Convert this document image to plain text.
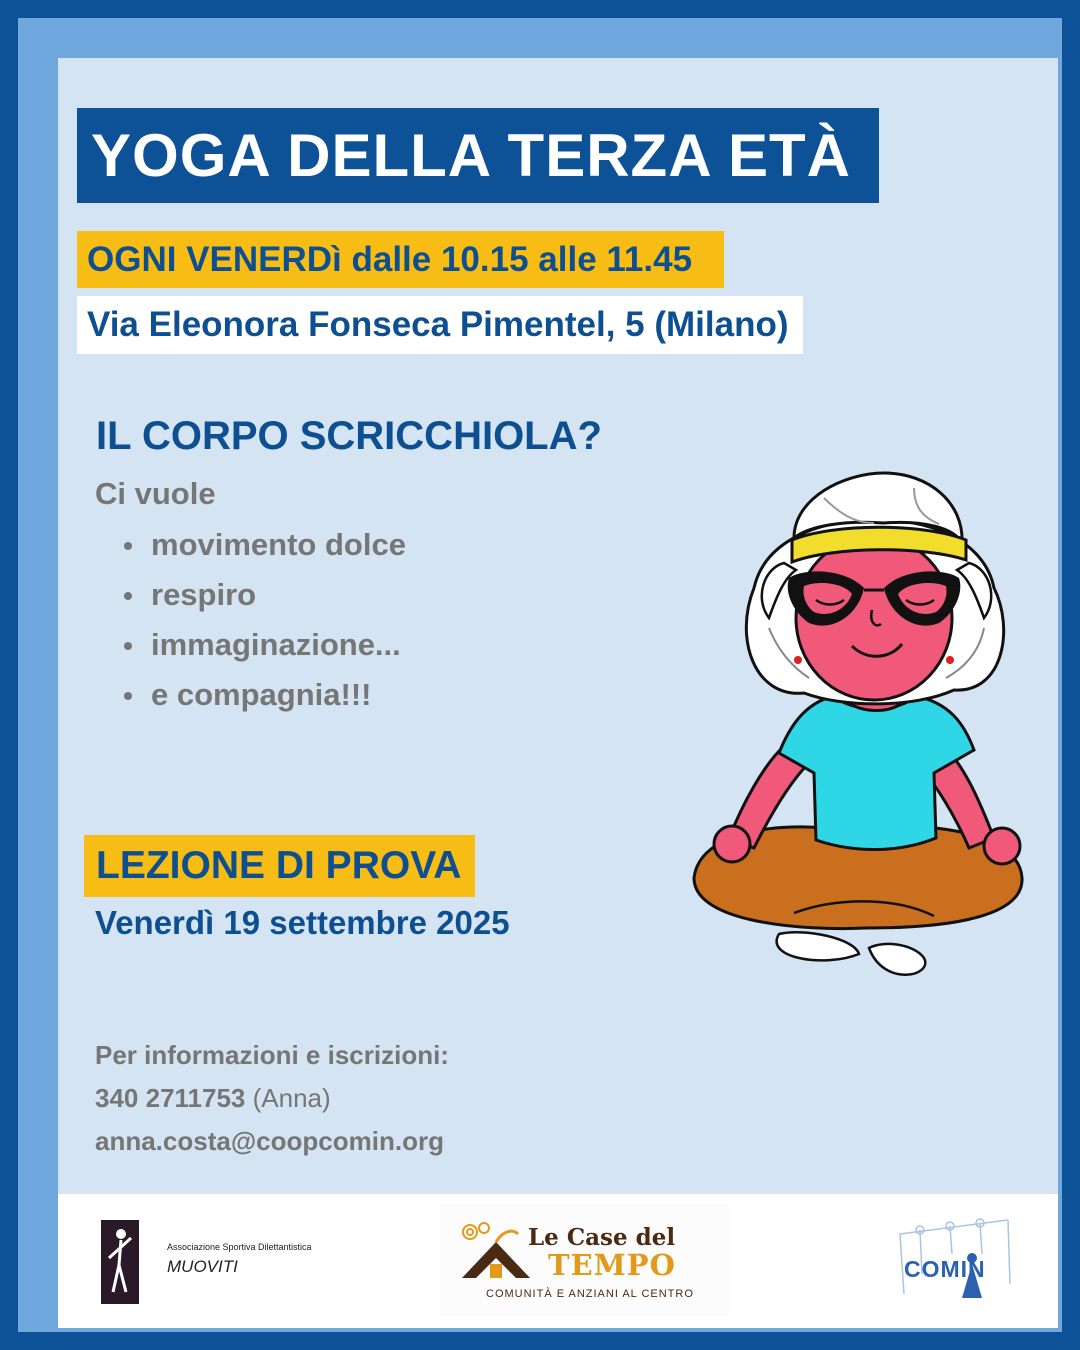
YOGA DELLA TERZA ETÀ
OGNI VENERDì dalle 10.15 alle 11.45
Via Eleonora Fonseca Pimentel, 5 (Milano)
IL CORPO SCRICCHIOLA?
Ci vuole
movimento dolce
respiro
immaginazione...
e compagnia!!!
LEZIONE DI PROVA
Venerdì 19 settembre 2025
Per informazioni e iscrizioni:
340 2711753 (Anna)
anna.costa@coopcomin.org
Associazione Sportiva Dilettantistica
MUOVITI
Le Case del
TEMPO
COMUNITÀ E ANZIANI AL CENTRO
COMIN
